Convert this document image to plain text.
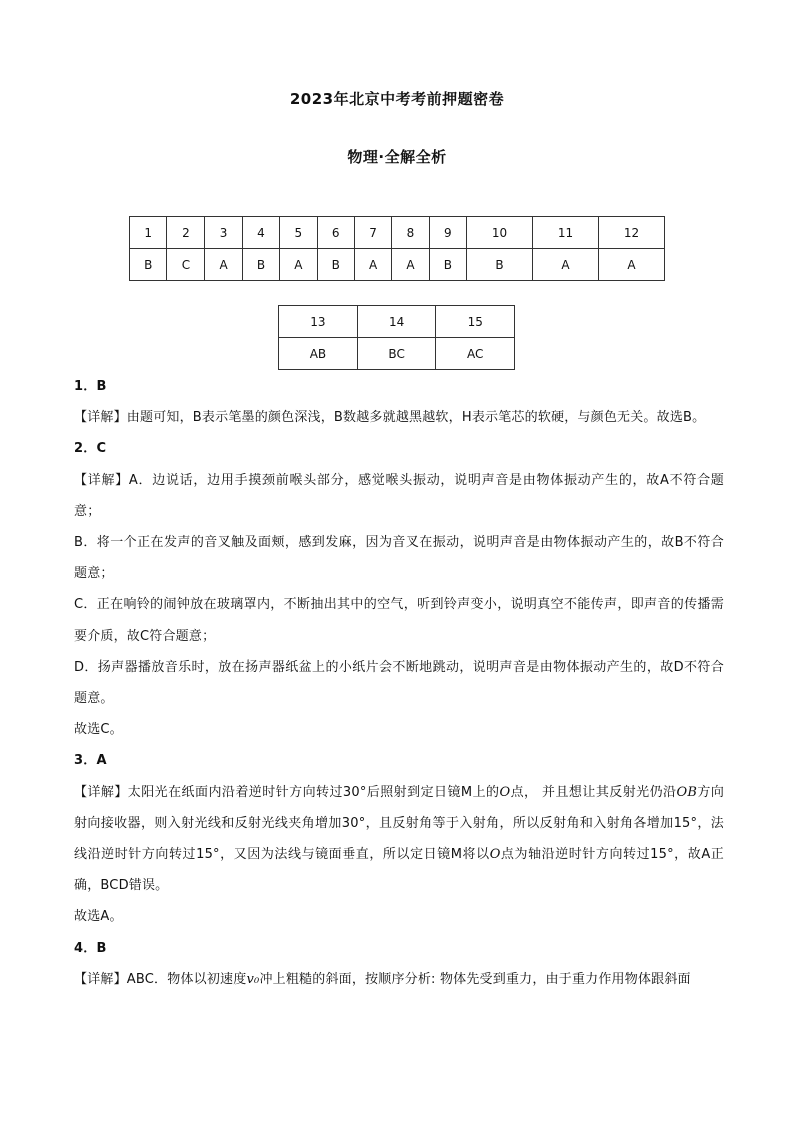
2023年北京中考考前押题密卷
物理·全解全析
1	2	3	4	5	6	7	8	9	10	11	12
B	C	A	B	A	B	A	A	B	B	A	A
13	14	15
AB	BC	AC

1．B

【详解】由题可知，B表示笔墨的颜色深浅，B数越多就越黑越软，H表示笔芯的软硬，与颜色无关。故选B。

2．C

【详解】A．边说话，边用手摸颈前喉头部分，感觉喉头振动，说明声音是由物体振动产生的，故A不符合题意；

B．将一个正在发声的音叉触及面颊，感到发麻，因为音叉在振动，说明声音是由物体振动产生的，故B不符合题意；

C．正在响铃的闹钟放在玻璃罩内，不断抽出其中的空气，听到铃声变小，说明真空不能传声，即声音的传播需要介质，故C符合题意；

D．扬声器播放音乐时，放在扬声器纸盆上的小纸片会不断地跳动，说明声音是由物体振动产生的，故D不符合题意。

故选C。

3．A

【详解】太阳光在纸面内沿着逆时针方向转过30°后照射到定日镜M上的O点， 并且想让其反射光仍沿OB方向射向接收器，则入射光线和反射光线夹角增加30°，且反射角等于入射角，所以反射角和入射角各增加15°，法线沿逆时针方向转过15°，又因为法线与镜面垂直，所以定日镜M将以O点为轴沿逆时针方向转过15°，故A正确，BCD错误。

故选A。

4．B

【详解】ABC．物体以初速度v₀冲上粗糙的斜面，按顺序分析: 物体先受到重力，由于重力作用物体跟斜面
